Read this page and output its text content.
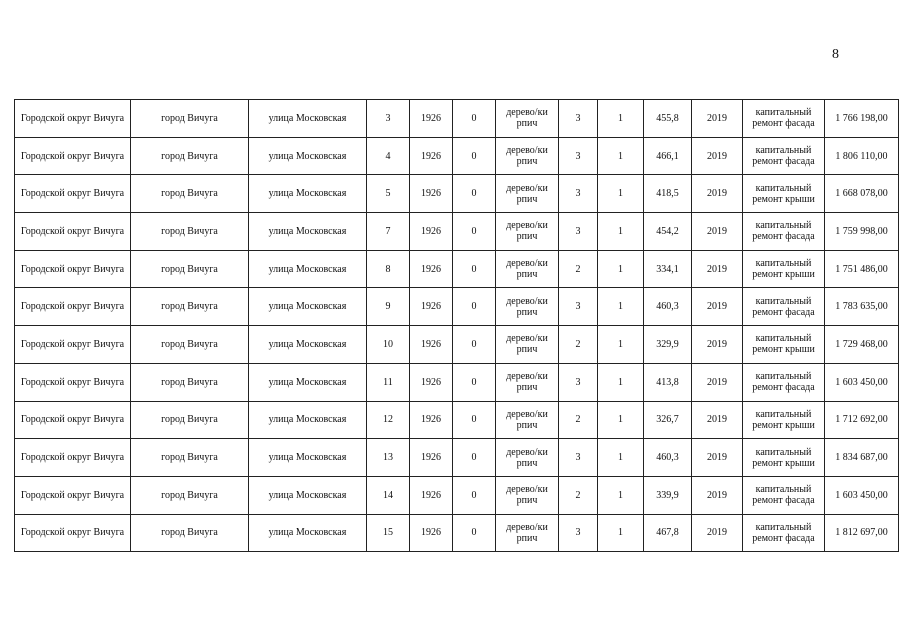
8
Городской округ Вичуга	город Вичуга	улица Московская	3	1926	0	дерево/ки рпич	3	1	455,8	2019	капитальный ремонт фасада	1 766 198,00
Городской округ Вичуга	город Вичуга	улица Московская	4	1926	0	дерево/ки рпич	3	1	466,1	2019	капитальный ремонт фасада	1 806 110,00
Городской округ Вичуга	город Вичуга	улица Московская	5	1926	0	дерево/ки рпич	3	1	418,5	2019	капитальный ремонт крыши	1 668 078,00
Городской округ Вичуга	город Вичуга	улица Московская	7	1926	0	дерево/ки рпич	3	1	454,2	2019	капитальный ремонт фасада	1 759 998,00
Городской округ Вичуга	город Вичуга	улица Московская	8	1926	0	дерево/ки рпич	2	1	334,1	2019	капитальный ремонт крыши	1 751 486,00
Городской округ Вичуга	город Вичуга	улица Московская	9	1926	0	дерево/ки рпич	3	1	460,3	2019	капитальный ремонт фасада	1 783 635,00
Городской округ Вичуга	город Вичуга	улица Московская	10	1926	0	дерево/ки рпич	2	1	329,9	2019	капитальный ремонт крыши	1 729 468,00
Городской округ Вичуга	город Вичуга	улица Московская	11	1926	0	дерево/ки рпич	3	1	413,8	2019	капитальный ремонт фасада	1 603 450,00
Городской округ Вичуга	город Вичуга	улица Московская	12	1926	0	дерево/ки рпич	2	1	326,7	2019	капитальный ремонт крыши	1 712 692,00
Городской округ Вичуга	город Вичуга	улица Московская	13	1926	0	дерево/ки рпич	3	1	460,3	2019	капитальный ремонт крыши	1 834 687,00
Городской округ Вичуга	город Вичуга	улица Московская	14	1926	0	дерево/ки рпич	2	1	339,9	2019	капитальный ремонт фасада	1 603 450,00
Городской округ Вичуга	город Вичуга	улица Московская	15	1926	0	дерево/ки рпич	3	1	467,8	2019	капитальный ремонт фасада	1 812 697,00
